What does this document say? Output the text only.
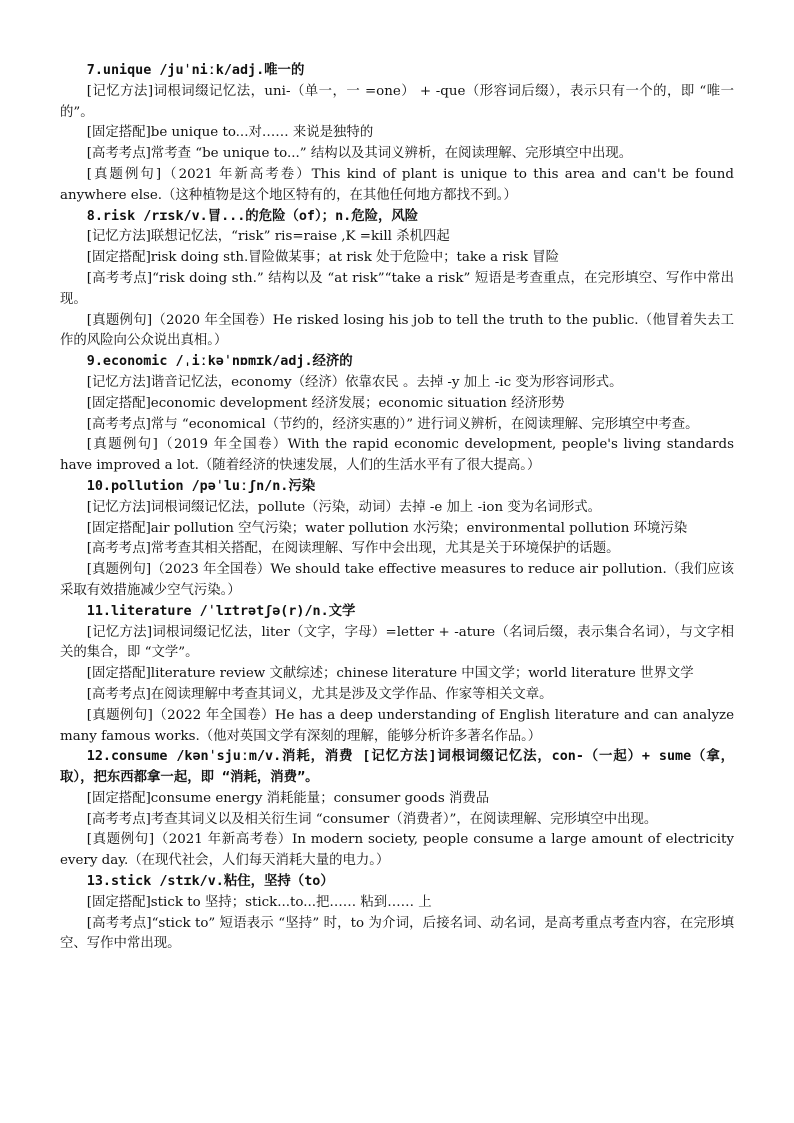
7.unique /juˈniːk/adj.唯一的

[记忆方法]词根词缀记忆法，uni-（单一，一 =one） + -que（形容词后缀），表示只有一个的，即 “唯一的”。

[固定搭配]be unique to...对…… 来说是独特的

[高考考点]常考查 “be unique to...” 结构以及其词义辨析，在阅读理解、完形填空中出现。

[真题例句]（2021 年新高考卷）This kind of plant is unique to this area and can't be found anywhere else.（这种植物是这个地区特有的，在其他任何地方都找不到。）

8.risk /rɪsk/v.冒...的危险（of）；n.危险，风险

[记忆方法]联想记忆法，“risk” ris=raise ,K =kill 杀机四起

[固定搭配]risk doing sth.冒险做某事；at risk 处于危险中；take a risk 冒险

[高考考点]“risk doing sth.” 结构以及 “at risk”“take a risk” 短语是考查重点，在完形填空、写作中常出现。

[真题例句]（2020 年全国卷）He risked losing his job to tell the truth to the public.（他冒着失去工作的风险向公众说出真相。）

9.economic /ˌiːkəˈnɒmɪk/adj.经济的

[记忆方法]谐音记忆法，economy（经济）依靠农民 。去掉 -y 加上 -ic 变为形容词形式。

[固定搭配]economic development 经济发展；economic situation 经济形势

[高考考点]常与 “economical（节约的，经济实惠的）” 进行词义辨析，在阅读理解、完形填空中考查。

[真题例句]（2019 年全国卷）With the rapid economic development, people's living standards have improved a lot.（随着经济的快速发展，人们的生活水平有了很大提高。）

10.pollution /pəˈluːʃn/n.污染

[记忆方法]词根词缀记忆法，pollute（污染，动词）去掉 -e 加上 -ion 变为名词形式。

[固定搭配]air pollution 空气污染；water pollution 水污染；environmental pollution 环境污染

[高考考点]常考查其相关搭配，在阅读理解、写作中会出现，尤其是关于环境保护的话题。

[真题例句]（2023 年全国卷）We should take effective measures to reduce air pollution.（我们应该采取有效措施减少空气污染。）

11.literature /ˈlɪtrətʃə(r)/n.文学

[记忆方法]词根词缀记忆法，liter（文字，字母）=letter + -ature（名词后缀，表示集合名词），与文字相关的集合，即 “文学”。

[固定搭配]literature review 文献综述；chinese literature 中国文学；world literature 世界文学

[高考考点]在阅读理解中考查其词义，尤其是涉及文学作品、作家等相关文章。

[真题例句]（2022 年全国卷）He has a deep understanding of English literature and can analyze many famous works.（他对英国文学有深刻的理解，能够分析许多著名作品。）

12.consume /kənˈsjuːm/v.消耗，消费 [记忆方法]词根词缀记忆法，con-（一起）+ sume（拿，取），把东西都拿一起，即 “消耗，消费”。

[固定搭配]consume energy 消耗能量；consumer goods 消费品

[高考考点]考查其词义以及相关衍生词 “consumer（消费者）”，在阅读理解、完形填空中出现。

[真题例句]（2021 年新高考卷）In modern society, people consume a large amount of electricity every day.（在现代社会，人们每天消耗大量的电力。）

13.stick /stɪk/v.粘住，坚持（to）

[固定搭配]stick to 坚持；stick...to...把…… 粘到…… 上

[高考考点]“stick to” 短语表示 “坚持” 时，to 为介词，后接名词、动名词，是高考重点考查内容，在完形填空、写作中常出现。
